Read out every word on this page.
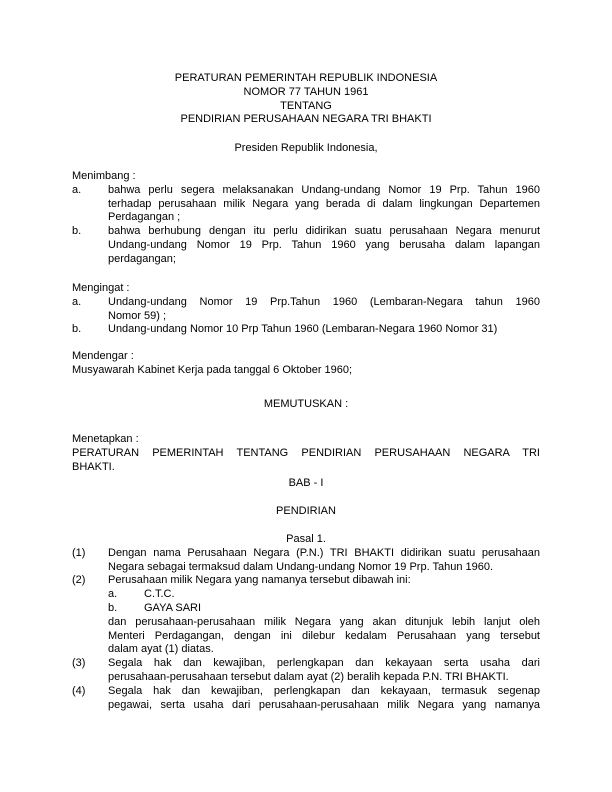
PERATURAN PEMERINTAH REPUBLIK INDONESIA
NOMOR 77 TAHUN 1961
TENTANG
PENDIRIAN PERUSAHAAN NEGARA TRI BHAKTI
Presiden Republik Indonesia,
Menimbang :
a. bahwa perlu segera melaksanakan Undang-undang Nomor 19 Prp. Tahun 1960
terhadap perusahaan milik Negara yang berada di dalam lingkungan Departemen
Perdagangan ;
b. bahwa berhubung dengan itu perlu didirikan suatu perusahaan Negara menurut
Undang-undang Nomor 19 Prp. Tahun 1960 yang berusaha dalam lapangan
perdagangan;
Mengingat :
a. Undang-undang Nomor 19 Prp.Tahun 1960 (Lembaran-Negara tahun 1960
Nomor 59) ;
b. Undang-undang Nomor 10 Prp Tahun 1960 (Lembaran-Negara 1960 Nomor 31)
Mendengar :
Musyawarah Kabinet Kerja pada tanggal 6 Oktober 1960;
MEMUTUSKAN :
Menetapkan :
PERATURAN PEMERINTAH TENTANG PENDIRIAN PERUSAHAAN NEGARA TRI
BHAKTI.
BAB - I
PENDIRIAN
Pasal 1.
(1) Dengan nama Perusahaan Negara (P.N.) TRI BHAKTI didirikan suatu perusahaan
Negara sebagai termaksud dalam Undang-undang Nomor 19 Prp. Tahun 1960.
(2) Perusahaan milik Negara yang namanya tersebut dibawah ini:
a.	C.T.C.
b.	GAYA SARI
dan perusahaan-perusahaan milik Negara yang akan ditunjuk lebih lanjut oleh
Menteri Perdagangan, dengan ini dilebur kedalam Perusahaan yang tersebut
dalam ayat (1) diatas.
(3) Segala hak dan kewajiban, perlengkapan dan kekayaan serta usaha dari
perusahaan-perusahaan tersebut dalam ayat (2) beralih kepada P.N. TRI BHAKTI.
(4) Segala hak dan kewajiban, perlengkapan dan kekayaan, termasuk segenap
pegawai, serta usaha dari perusahaan-perusahaan milik Negara yang namanya
